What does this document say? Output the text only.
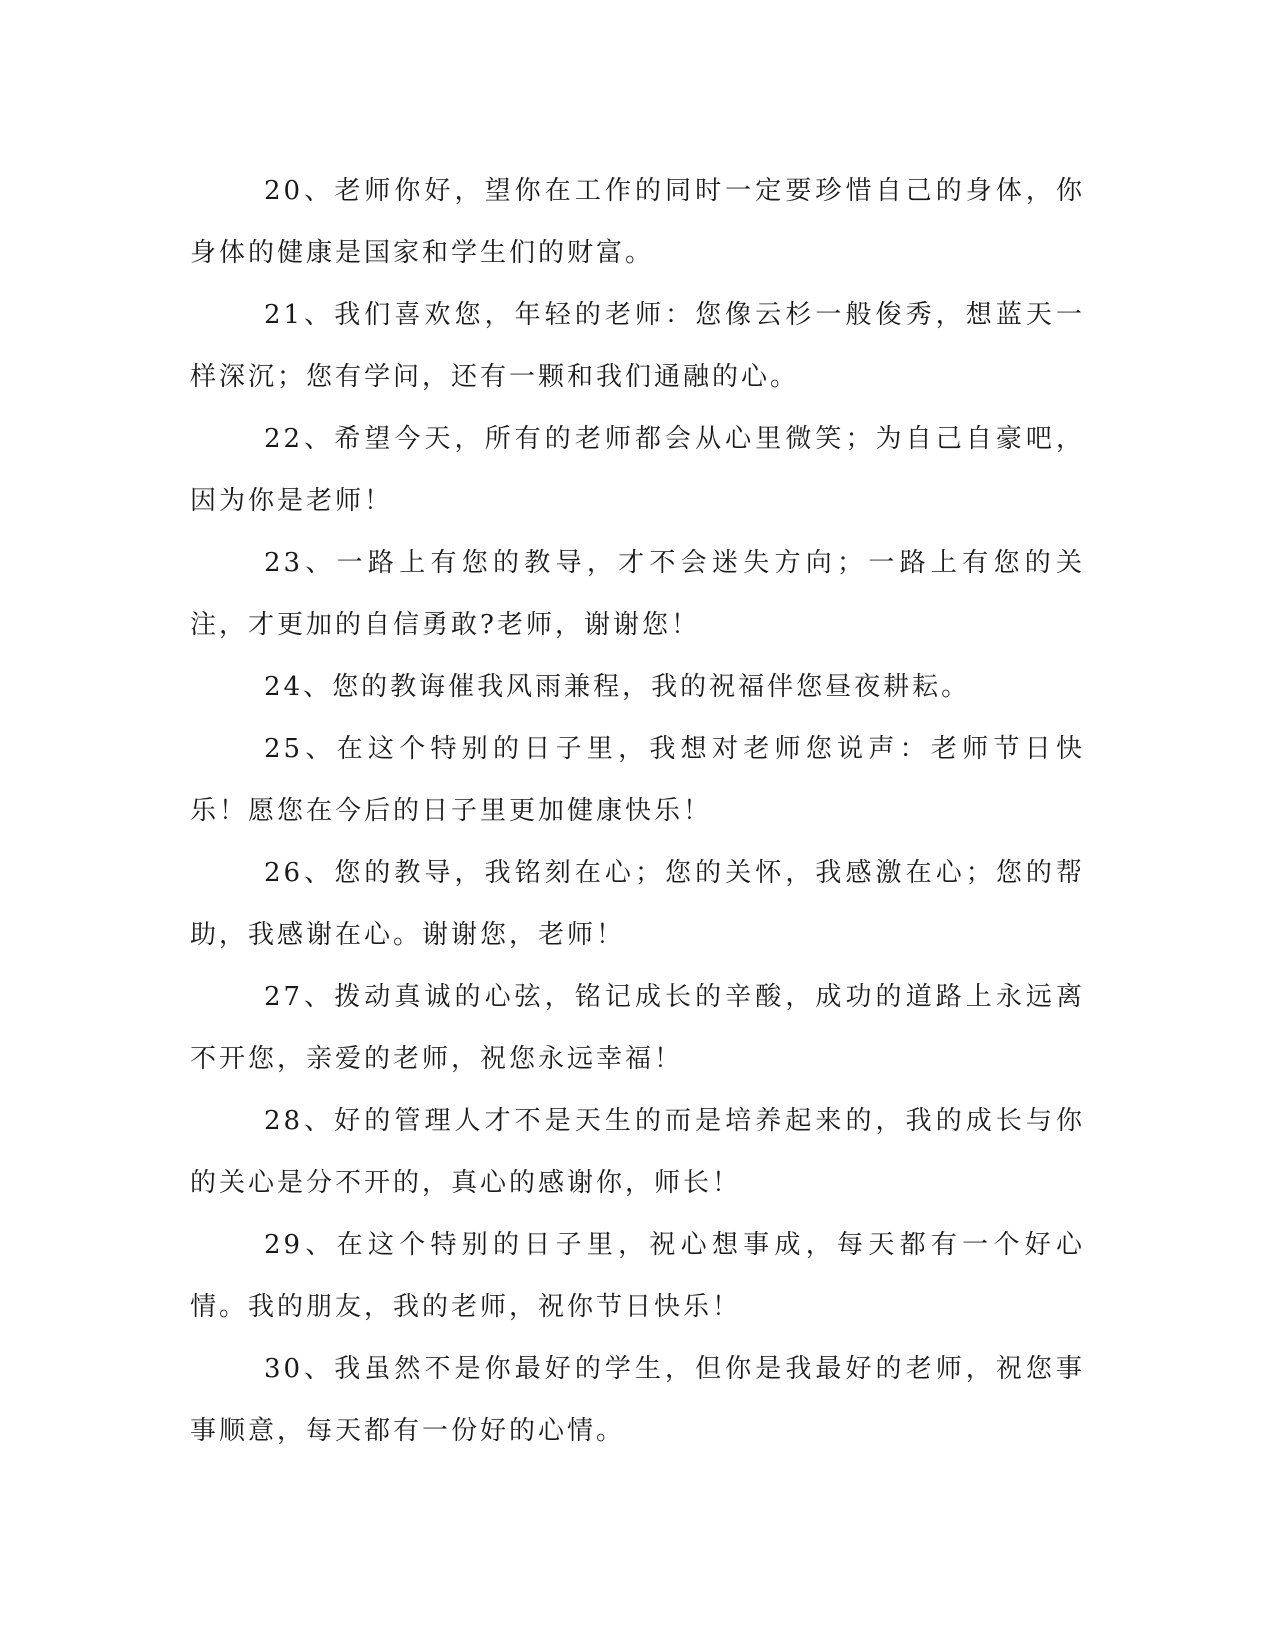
20、老师你好，望你在工作的同时一定要珍惜自己的身体，你身体的健康是国家和学生们的财富。

21、我们喜欢您，年轻的老师：您像云杉一般俊秀，想蓝天一样深沉；您有学问，还有一颗和我们通融的心。

22、希望今天，所有的老师都会从心里微笑；为自己自豪吧，因为你是老师！

23、一路上有您的教导，才不会迷失方向；一路上有您的关注，才更加的自信勇敢?老师，谢谢您！

24、您的教诲催我风雨兼程，我的祝福伴您昼夜耕耘。

25、在这个特别的日子里，我想对老师您说声：老师节日快乐！愿您在今后的日子里更加健康快乐！

26、您的教导，我铭刻在心；您的关怀，我感激在心；您的帮助，我感谢在心。谢谢您，老师！

27、拨动真诚的心弦，铭记成长的辛酸，成功的道路上永远离不开您，亲爱的老师，祝您永远幸福！

28、好的管理人才不是天生的而是培养起来的，我的成长与你的关心是分不开的，真心的感谢你，师长！

29、在这个特别的日子里，祝心想事成，每天都有一个好心情。我的朋友，我的老师，祝你节日快乐！

30、我虽然不是你最好的学生，但你是我最好的老师，祝您事事顺意，每天都有一份好的心情。
